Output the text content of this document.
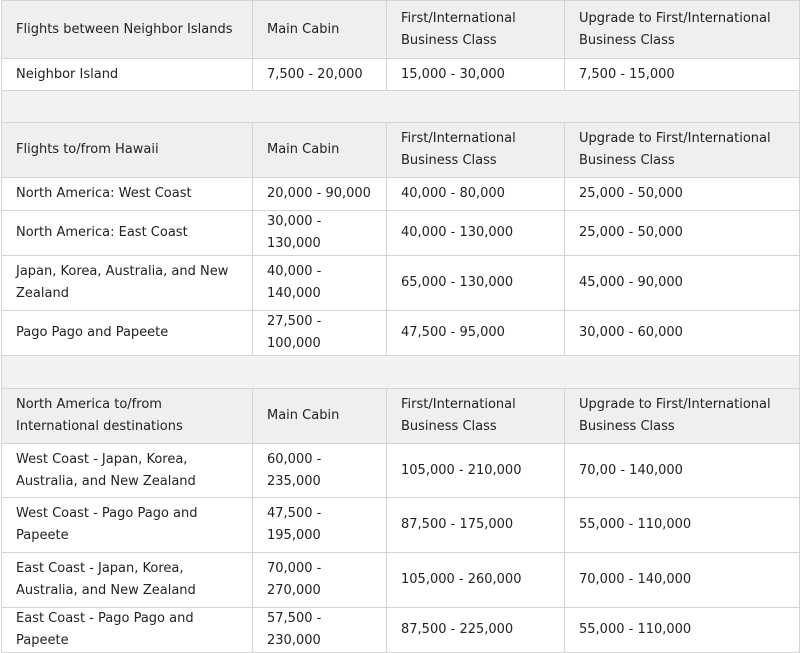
Flights between Neighbor Islands	Main Cabin	First/International Business Class	Upgrade to First/International Business Class
Neighbor Island	7,500 - 20,000	15,000 - 30,000	7,500 - 15,000

Flights to/from Hawaii	Main Cabin	First/International Business Class	Upgrade to First/International Business Class
North America: West Coast	20,000 - 90,000	40,000 - 80,000	25,000 - 50,000
North America: East Coast	30,000 - 130,000	40,000 - 130,000	25,000 - 50,000
Japan, Korea, Australia, and New Zealand	40,000 - 140,000	65,000 - 130,000	45,000 - 90,000
Pago Pago and Papeete	27,500 - 100,000	47,500 - 95,000	30,000 - 60,000

North America to/from International destinations	Main Cabin	First/International Business Class	Upgrade to First/International Business Class
West Coast - Japan, Korea, Australia, and New Zealand	60,000 - 235,000	105,000 - 210,000	70,00 - 140,000
West Coast - Pago Pago and Papeete	47,500 - 195,000	87,500 - 175,000	55,000 - 110,000
East Coast - Japan, Korea, Australia, and New Zealand	70,000 - 270,000	105,000 - 260,000	70,000 - 140,000
East Coast - Pago Pago and Papeete	57,500 - 230,000	87,500 - 225,000	55,000 - 110,000
